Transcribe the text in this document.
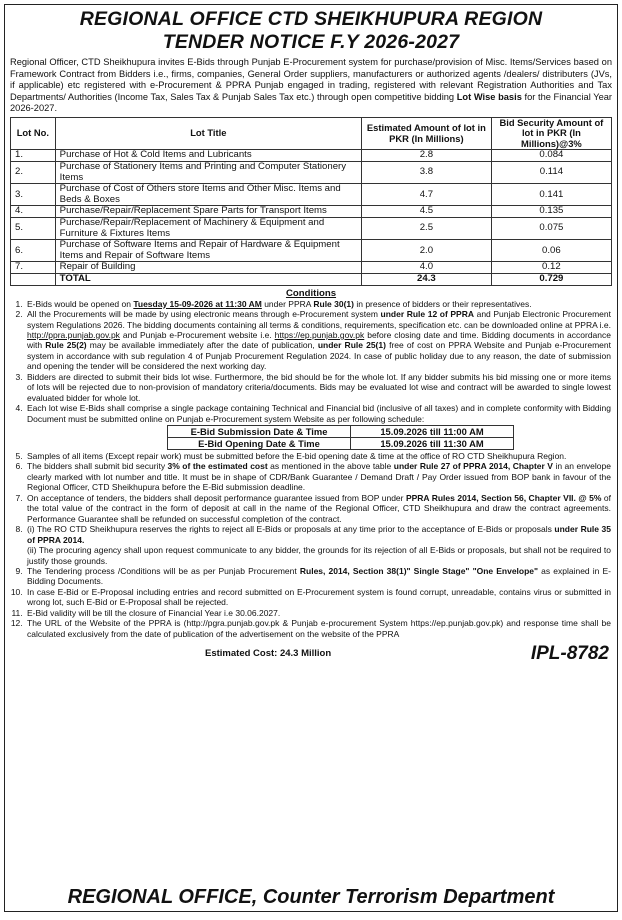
REGIONAL OFFICE CTD SHEIKHUPURA REGION
TENDER NOTICE F.Y 2026-2027
Regional Officer, CTD Sheikhupura invites E-Bids through Punjab E-Procurement system for purchase/provision of Misc. Items/Services based on Framework Contract from Bidders i.e., firms, companies, General Order suppliers, manufacturers or authorized agents /dealers/ distributers (JVs, if applicable) etc registered with e-Procurement & PPRA Punjab engaged in trading, registered with relevant Registration Authorities and Tax Departments/ Authorities (Income Tax, Sales Tax & Punjab Sales Tax etc.) through open competitive bidding Lot Wise basis for the Financial Year 2026-2027.
Lot No.	Lot Title	Estimated Amount of lot in PKR (In Millions)	Bid Security Amount of lot in PKR (In Millions)@3%
1.	Purchase of Hot & Cold Items and Lubricants	2.8	0.084
2.	Purchase of Stationery Items and Printing and Computer Stationery Items	3.8	0.114
3.	Purchase of Cost of Others store Items and Other Misc. Items and Beds & Boxes	4.7	0.141
4.	Purchase/Repair/Replacement Spare Parts for Transport Items	4.5	0.135
5.	Purchase/Repair/Replacement of Machinery & Equipment and Furniture & Fixtures Items	2.5	0.075
6.	Purchase of Software Items and Repair of Hardware & Equipment Items and Repair of Software Items	2.0	0.06
7.	Repair of Building	4.0	0.12
	TOTAL	24.3	0.729
Conditions
1. E-Bids would be opened on Tuesday 15-09-2026 at 11:30 AM under PPRA Rule 30(1) in presence of bidders or their representatives.
2. All the Procurements will be made by using electronic means through e-Procurement system under Rule 12 of PPRA and Punjab Electronic Procurement system Regulations 2026. The bidding documents containing all terms & conditions, requirements, specification etc. can be downloaded online at PPRA i.e. http://ppra.punjab.gov.pk and Punjab e-Procurement website i.e. https://ep.punjab.gov.pk before closing date and time. Bidding documents in accordance with Rule 25(2) may be available immediately after the date of publication, under Rule 25(1) free of cost on PPRA Website and Punjab e-Procurement system in accordance with sub regulation 4 of Punjab Procurement Regulation 2024. In case of public holiday due to any reason, the date of submission and opening the tender will be considered the next working day.
3. Bidders are directed to submit their bids lot wise. Furthermore, the bid should be for the whole lot. If any bidder submits his bid missing one or more items of lots will be rejected due to non-provision of mandatory criteria/documents. Bids may be evaluated lot wise and contract will be awarded to single lowest evaluated bidder for whole lot.
4. Each lot wise E-Bids shall comprise a single package containing Technical and Financial bid (inclusive of all taxes) and in complete conformity with Bidding Document must be submitted online on Punjab e-Procurement system Website as per following schedule:
E-Bid Submission Date & Time	15.09.2026 till 11:00 AM
E-Bid Opening Date & Time	15.09.2026 till 11:30 AM
5. Samples of all items (Except repair work) must be submitted before the E-bid opening date & time at the office of RO CTD Sheikhupura Region.
6. The bidders shall submit bid security 3% of the estimated cost as mentioned in the above table under Rule 27 of PPRA 2014, Chapter V in an envelope clearly marked with lot number and title. It must be in shape of CDR/Bank Guarantee / Demand Draft / Pay Order issued from BOP bank in favour of the Regional Officer, CTD Sheikhupura before the E-Bid submission deadline.
7. On acceptance of tenders, the bidders shall deposit performance guarantee issued from BOP under PPRA Rules 2014, Section 56, Chapter VII. @ 5% of the total value of the contract in the form of deposit at call in the name of the Regional Officer, CTD Sheikhupura and draw the contract agreements. Performance Guarantee shall be refunded on successful completion of the contract.
8. (i) The RO CTD Sheikhupura reserves the rights to reject all E-Bids or proposals at any time prior to the acceptance of E-Bids or proposals under Rule 35 of PPRA 2014.
(ii) The procuring agency shall upon request communicate to any bidder, the grounds for its rejection of all E-Bids or proposals, but shall not be required to justify those grounds.
9. The Tendering process /Conditions will be as per Punjab Procurement Rules, 2014, Section 38(1)" Single Stage" "One Envelope" as explained in E-Bidding Documents.
10. In case E-Bid or E-Proposal including entries and record submitted on E-Procurement system is found corrupt, unreadable, contains virus or submitted in wrong lot, such E-Bid or E-Proposal shall be rejected.
11. E-Bid validity will be till the closure of Financial Year i.e 30.06.2027.
12. The URL of the Website of the PPRA is (http://pgra.punjab.gov.pk & Punjab e-procurement System https://ep.punjab.gov.pk) and response time shall be calculated exclusively from the date of publication of the advertisement on the website of the PPRA
Estimated Cost: 24.3 Million	IPL-8782
REGIONAL OFFICE, Counter Terrorism Department
